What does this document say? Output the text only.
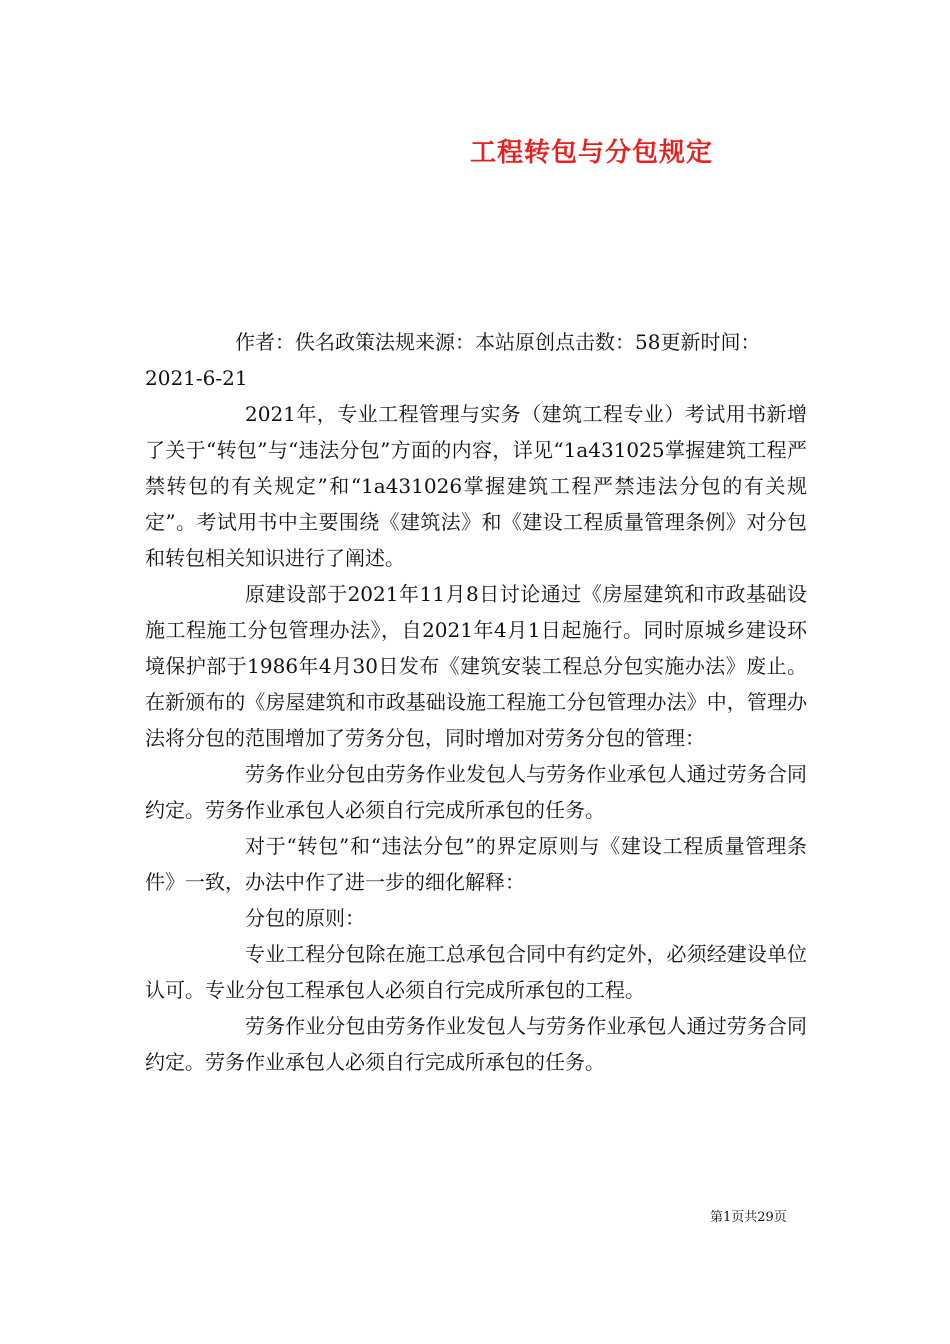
工程转包与分包规定

作者：佚名政策法规来源：本站原创点击数：58更新时间：2021-6-21

2021年，专业工程管理与实务（建筑工程专业）考试用书新增了关于“转包”与“违法分包”方面的内容，详见“1a431025掌握建筑工程严禁转包的有关规定”和“1a431026掌握建筑工程严禁违法分包的有关规定”。考试用书中主要围绕《建筑法》和《建设工程质量管理条例》对分包和转包相关知识进行了阐述。

原建设部于2021年11月8日讨论通过《房屋建筑和市政基础设施工程施工分包管理办法》，自2021年4月1日起施行。同时原城乡建设环境保护部于1986年4月30日发布《建筑安装工程总分包实施办法》废止。在新颁布的《房屋建筑和市政基础设施工程施工分包管理办法》中，管理办法将分包的范围增加了劳务分包，同时增加对劳务分包的管理：

劳务作业分包由劳务作业发包人与劳务作业承包人通过劳务合同约定。劳务作业承包人必须自行完成所承包的任务。

对于“转包”和“违法分包”的界定原则与《建设工程质量管理条件》一致，办法中作了进一步的细化解释：

分包的原则：

专业工程分包除在施工总承包合同中有约定外，必须经建设单位认可。专业分包工程承包人必须自行完成所承包的工程。

劳务作业分包由劳务作业发包人与劳务作业承包人通过劳务合同约定。劳务作业承包人必须自行完成所承包的任务。

第1页共29页
